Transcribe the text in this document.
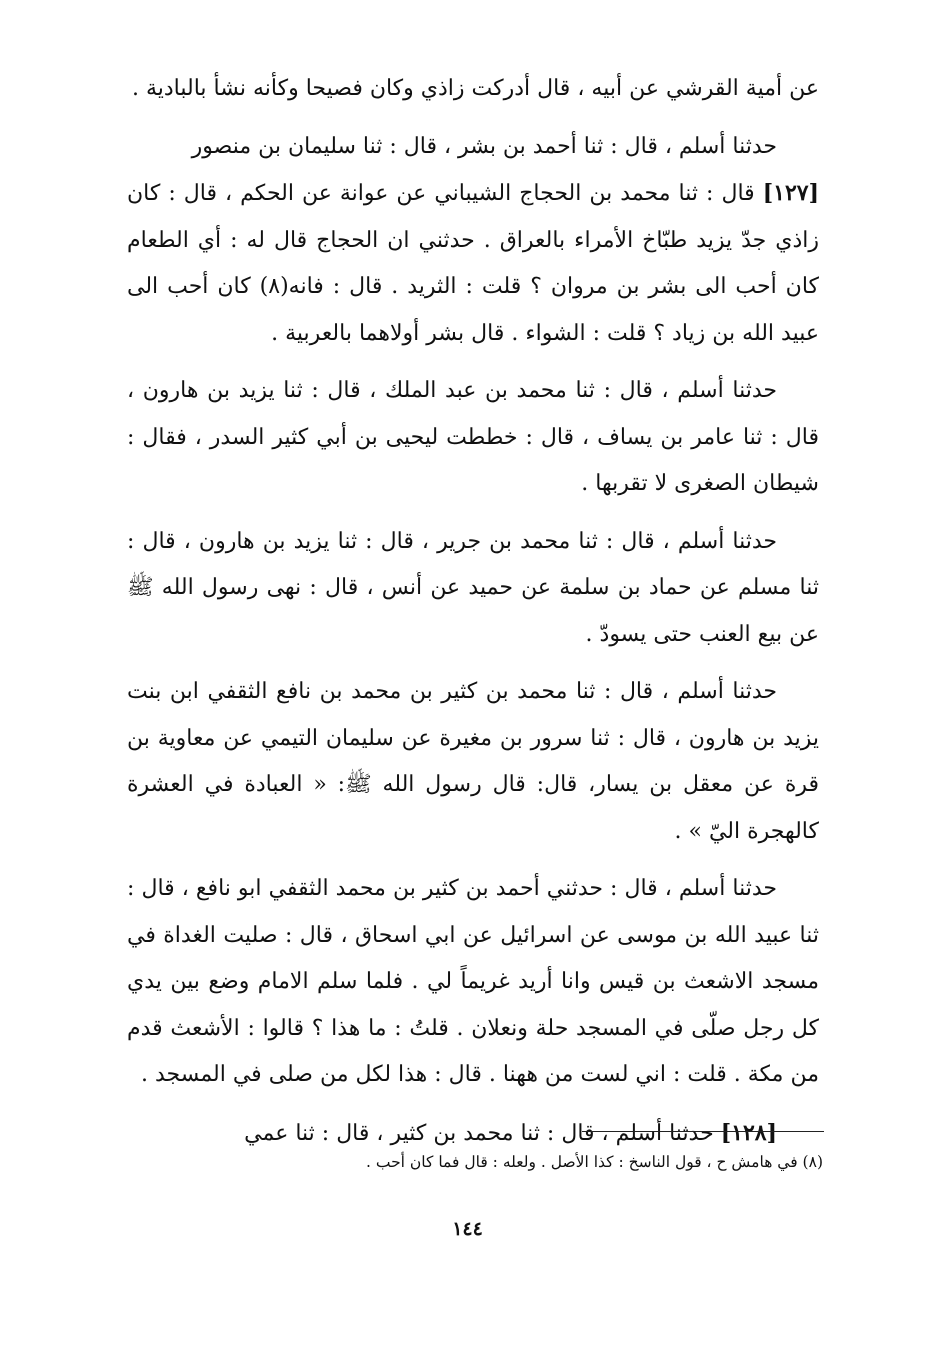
عن أمية القرشي عن أبيه ، قال أدركت زاذي وكان فصيحا وكأنه نشأ بالبادية .

حدثنا أسلم ، قال : ثنا أحمد بن بشر ، قال : ثنا سليمان بن منصور

[١٢٧] قال : ثنا محمد بن الحجاج الشيباني عن عوانة عن الحكم ، قال : كان زاذي جدّ يزيد طبّاخ الأمراء بالعراق . حدثني ان الحجاج قال له : أي الطعام كان أحب الى بشر بن مروان ؟ قلت : الثريد . قال : فانه(٨) كان أحب الى عبيد الله بن زياد ؟ قلت : الشواء . قال بشر أولاهما بالعربية .

حدثنا أسلم ، قال : ثنا محمد بن عبد الملك ، قال : ثنا يزيد بن هارون ، قال : ثنا عامر بن يساف ، قال : خططت ليحيى بن أبي كثير السدر ، فقال : شيطان الصغرى لا تقربها .

حدثنا أسلم ، قال : ثنا محمد بن جرير ، قال : ثنا يزيد بن هارون ، قال : ثنا مسلم عن حماد بن سلمة عن حميد عن أنس ، قال : نهى رسول الله ﷺ عن بيع العنب حتى يسودّ .

حدثنا أسلم ، قال : ثنا محمد بن كثير بن محمد بن نافع الثقفي ابن بنت يزيد بن هارون ، قال : ثنا سرور بن مغيرة عن سليمان التيمي عن معاوية بن قرة عن معقل بن يسار، قال: قال رسول الله ﷺ: « العبادة في العشرة كالهجرة اليّ » .

حدثنا أسلم ، قال : حدثني أحمد بن كثير بن محمد الثقفي ابو نافع ، قال : ثنا عبيد الله بن موسى عن اسرائيل عن ابي اسحاق ، قال : صليت الغداة في مسجد الاشعث بن قيس وانا أريد غريماً لي . فلما سلم الامام وضع بين يدي كل رجل صلّى في المسجد حلة ونعلان . قلتُ : ما هذا ؟ قالوا : الأشعث قدم من مكة . قلت : اني لست من ههنا . قال : هذا لكل من صلى في المسجد .

[١٢٨] حدثنا أسلم ، قال : ثنا محمد بن كثير ، قال : ثنا عمي

(٨) في هامش ح ، قول الناسخ : كذا الأصل . ولعله : قال فما كان أحب .
١٤٤
